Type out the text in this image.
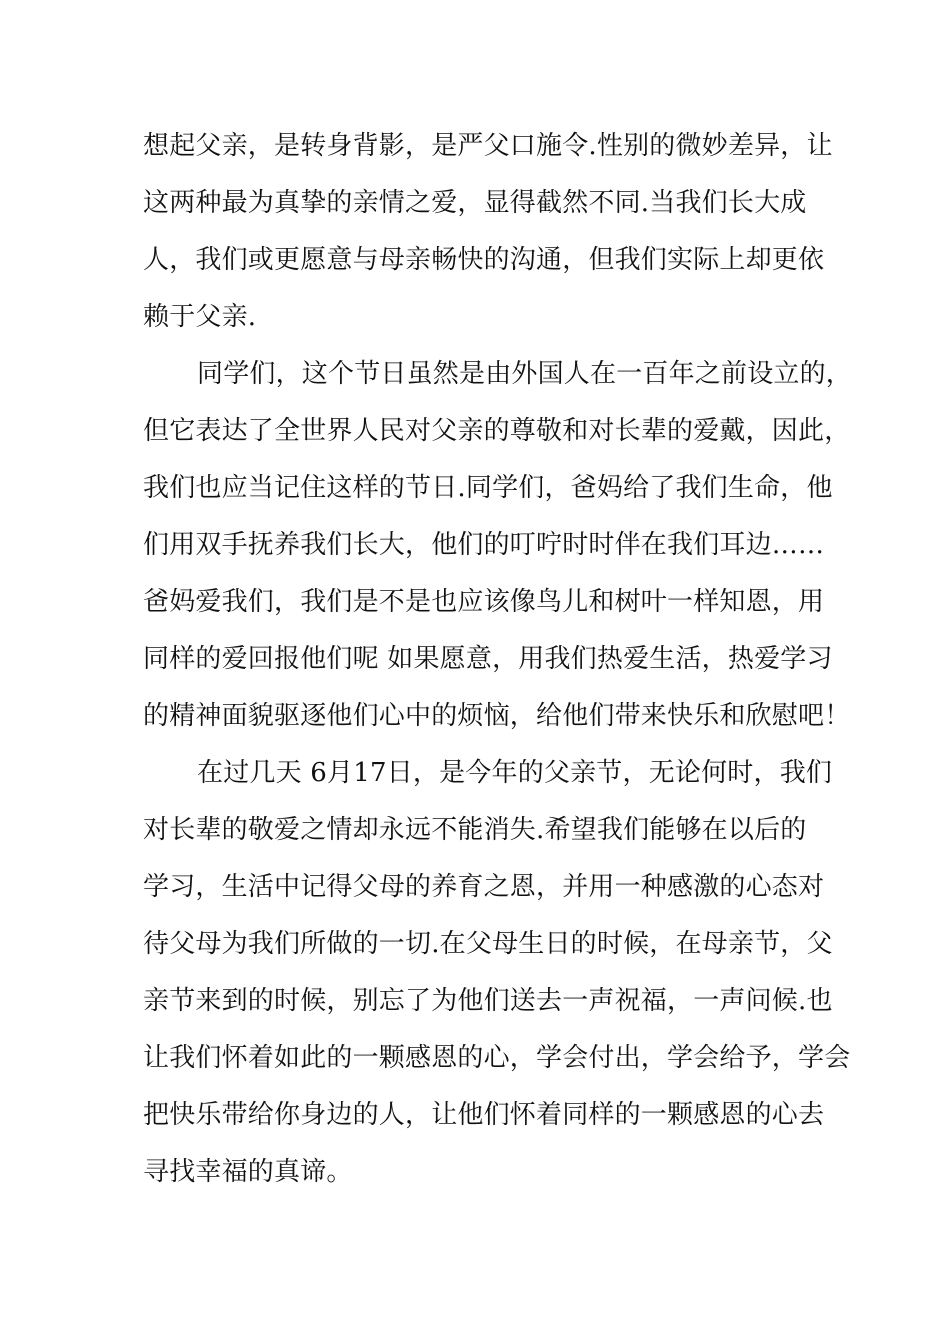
想起父亲，是转身背影，是严父口施令.性别的微妙差异，让
这两种最为真挚的亲情之爱，显得截然不同.当我们长大成
人，我们或更愿意与母亲畅快的沟通，但我们实际上却更依
赖于父亲.
同学们，这个节日虽然是由外国人在一百年之前设立的，
但它表达了全世界人民对父亲的尊敬和对长辈的爱戴，因此，
我们也应当记住这样的节日.同学们，爸妈给了我们生命，他
们用双手抚养我们长大，他们的叮咛时时伴在我们耳边……
爸妈爱我们，我们是不是也应该像鸟儿和树叶一样知恩，用
同样的爱回报他们呢 如果愿意，用我们热爱生活，热爱学习
的精神面貌驱逐他们心中的烦恼，给他们带来快乐和欣慰吧！
在过几天 6月17日，是今年的父亲节，无论何时，我们
对长辈的敬爱之情却永远不能消失.希望我们能够在以后的
学习，生活中记得父母的养育之恩，并用一种感激的心态对
待父母为我们所做的一切.在父母生日的时候，在母亲节，父
亲节来到的时候，别忘了为他们送去一声祝福，一声问候.也
让我们怀着如此的一颗感恩的心，学会付出，学会给予，学会
把快乐带给你身边的人，让他们怀着同样的一颗感恩的心去
寻找幸福的真谛。
